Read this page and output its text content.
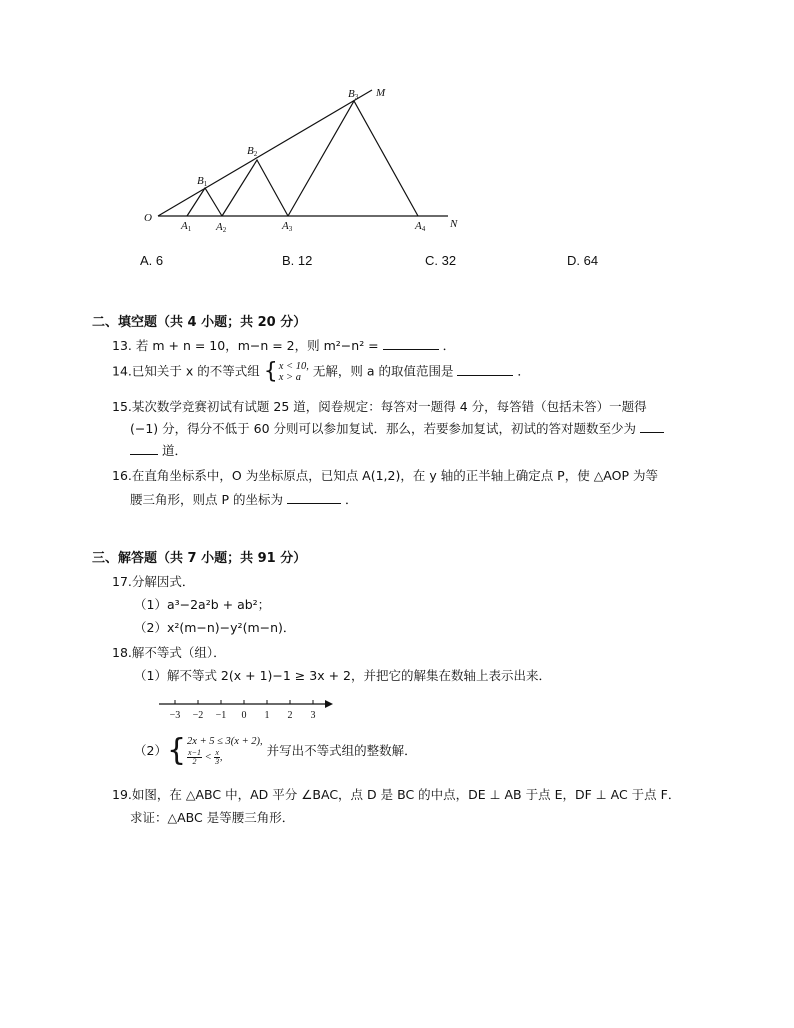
O	N
M
B1
B2
B3
A1 A2	A3	A4
A. 6	B. 12	C. 32	D. 64
二、填空题（共 4 小题；共 20 分）
13. 若 m + n = 10，m−n = 2，则 m²−n² =	．
14.已知关于 x 的不等式组 { x < 10,
x > a 无解，则 a 的取值范围是	．
15.某次数学竞赛初试有试题 25 道，阅卷规定：每答对一题得 4 分，每答错（包括未答）一题得
(−1) 分，得分不低于 60 分则可以参加复试．那么，若要参加复试，初试的答对题数至少为
道．
16.在直角坐标系中，O 为坐标原点，已知点 A(1,2)，在 y 轴的正半轴上确定点 P，使 △AOP 为等
腰三角形，则点 P 的坐标为	．
三、解答题（共 7 小题；共 91 分）
17.分解因式．
（1）a³−2a²b + ab²；
（2）x²(m−n)−y²(m−n)．
18.解不等式（组）．
（1）解不等式 2(x + 1)−1 ≥ 3x + 2，并把它的解集在数轴上表示出来．
−3 −2 −1 0 1 2 3
（2）{ 2x + 5 ≤ 3(x + 2),
$\frac{x-1}{2} < \frac{x}{3}$,	并写出不等式组的整数解．
19.如图，在 △ABC 中，AD 平分 ∠BAC，点 D 是 BC 的中点，DE ⊥ AB 于点 E，DF ⊥ AC 于点 F．
求证：△ABC 是等腰三角形．
